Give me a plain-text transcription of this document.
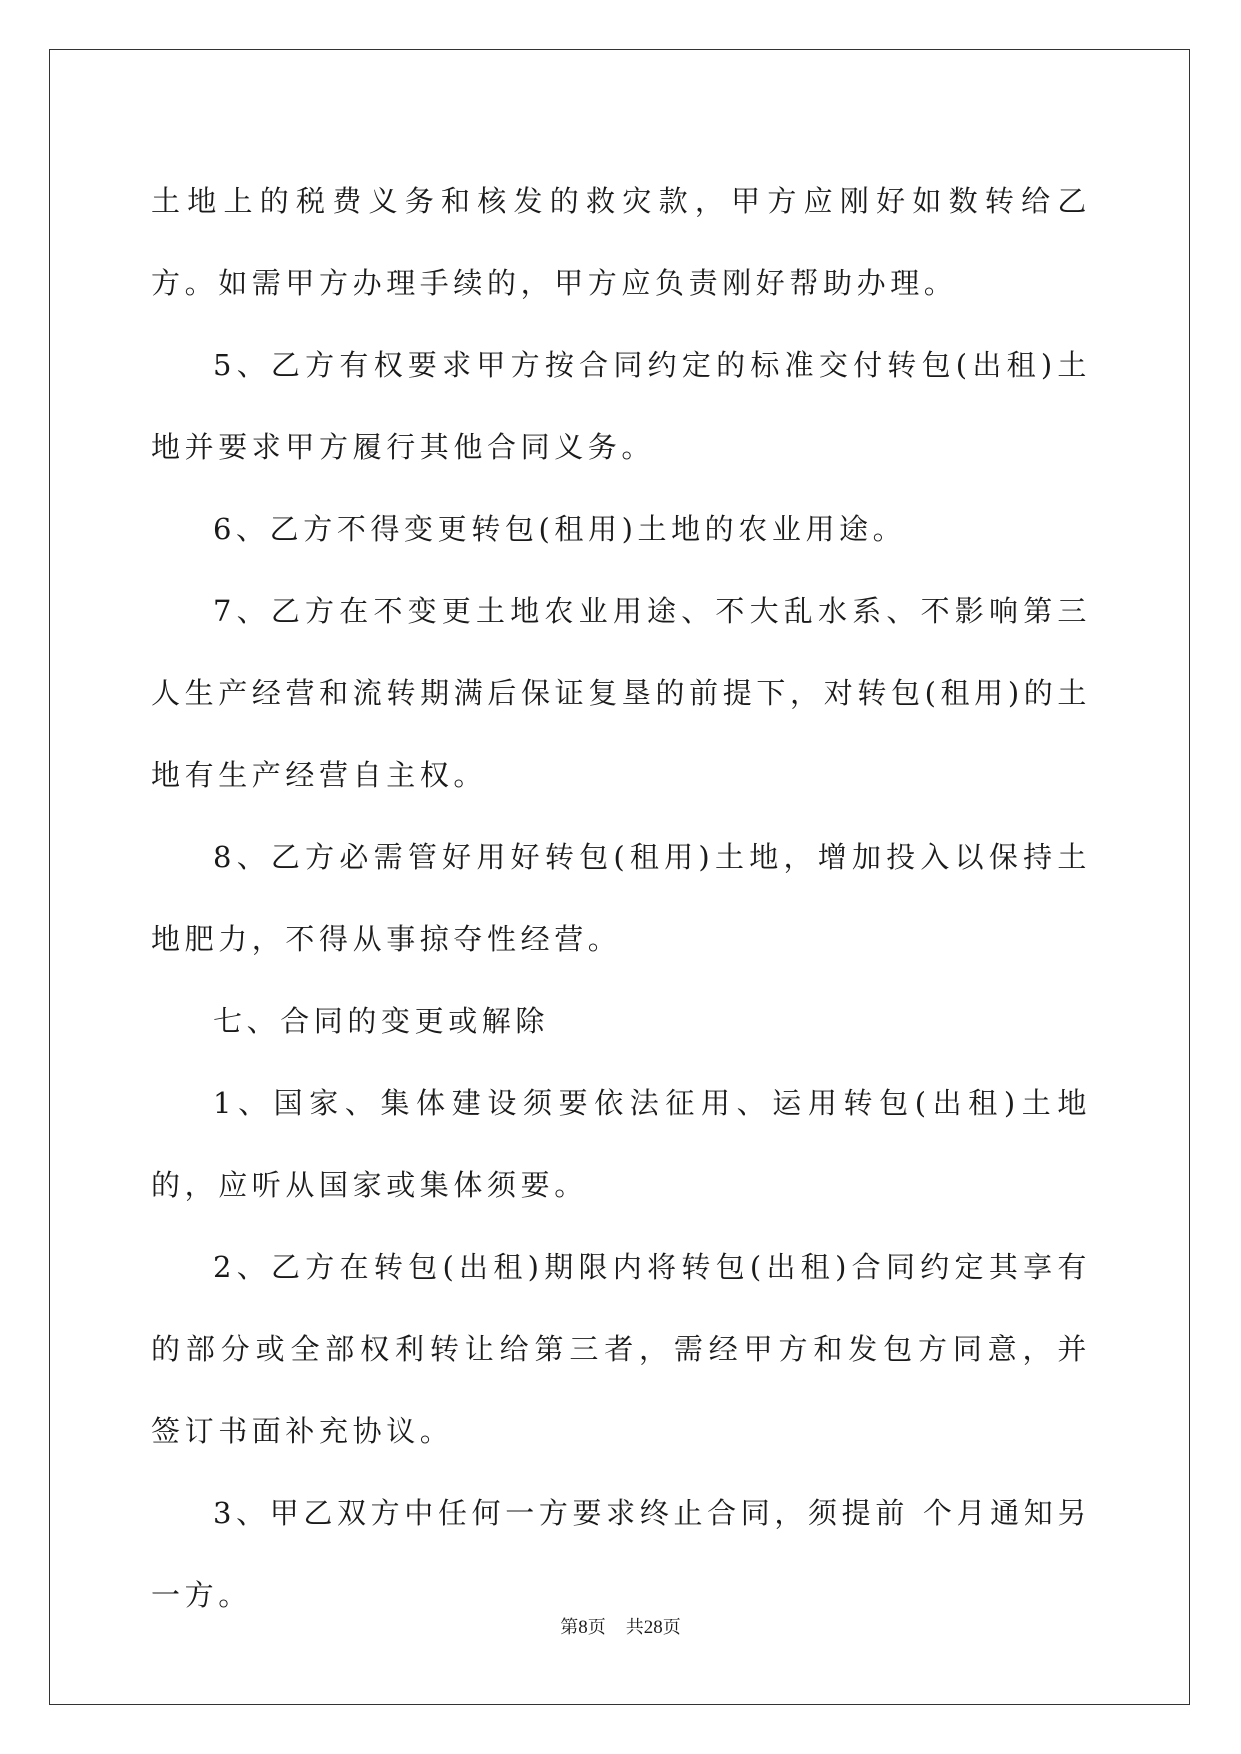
土地上的税费义务和核发的救灾款，甲方应刚好如数转给乙方。如需甲方办理手续的，甲方应负责刚好帮助办理。

5、乙方有权要求甲方按合同约定的标准交付转包(出租)土地并要求甲方履行其他合同义务。

6、乙方不得变更转包(租用)土地的农业用途。

7、乙方在不变更土地农业用途、不大乱水系、不影响第三人生产经营和流转期满后保证复垦的前提下，对转包(租用)的土地有生产经营自主权。

8、乙方必需管好用好转包(租用)土地，增加投入以保持土地肥力，不得从事掠夺性经营。

七、合同的变更或解除

1、国家、集体建设须要依法征用、运用转包(出租)土地的，应听从国家或集体须要。

2、乙方在转包(出租)期限内将转包(出租)合同约定其享有的部分或全部权利转让给第三者，需经甲方和发包方同意，并签订书面补充协议。

3、甲乙双方中任何一方要求终止合同，须提前 个月通知另一方。

第8页 共28页
